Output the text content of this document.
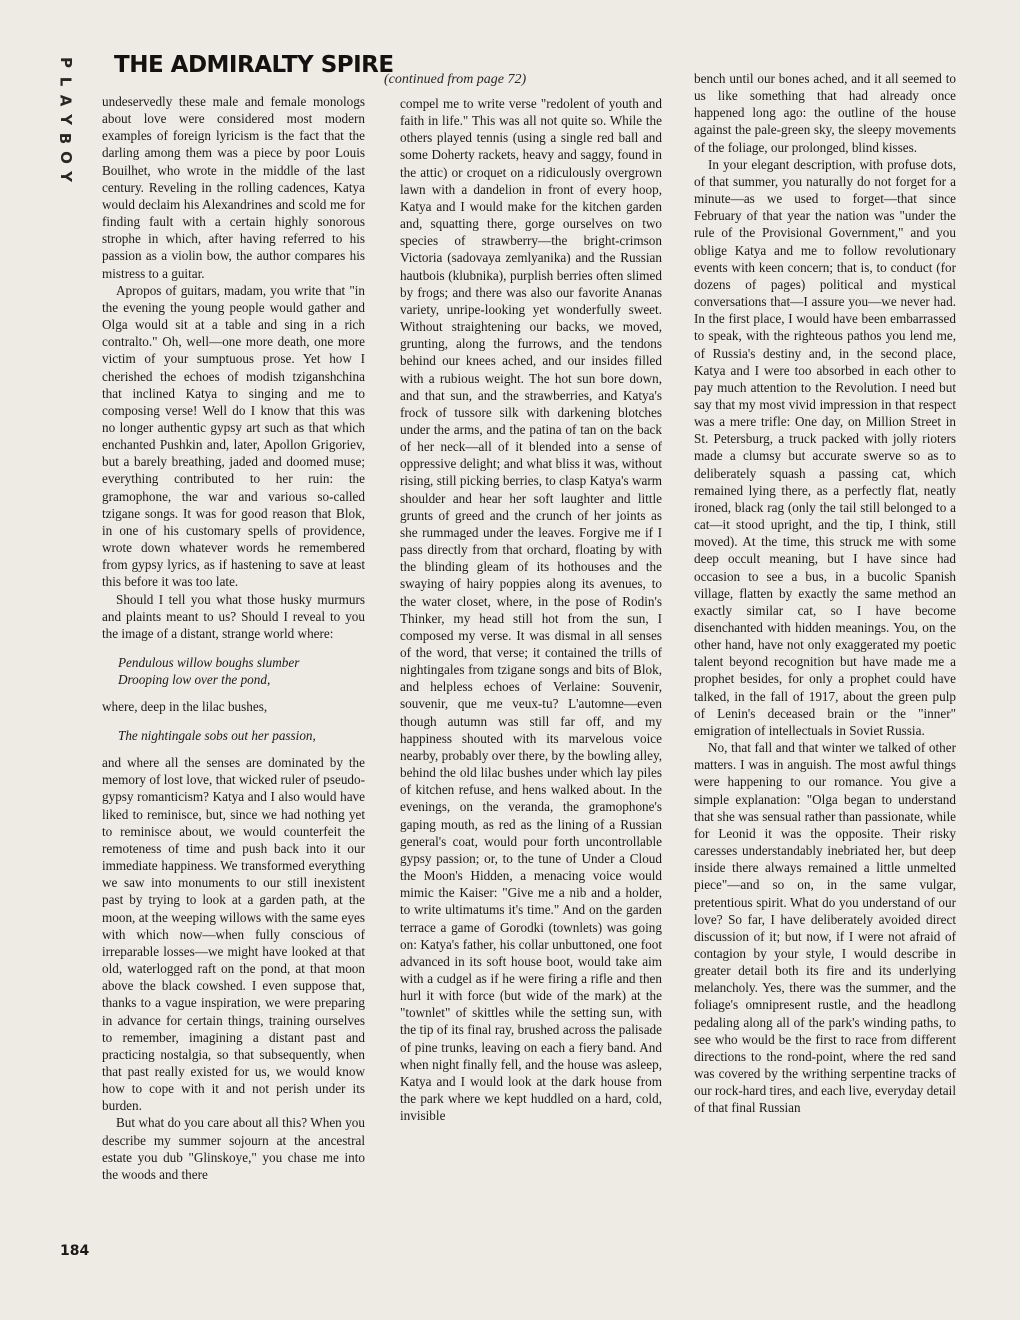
P
L
A
Y
B
O
Y
THE ADMIRALTY SPIRE
(continued from page 72)

undeservedly these male and female monologs about love were considered most modern examples of foreign lyricism is the fact that the darling among them was a piece by poor Louis Bouilhet, who wrote in the middle of the last century. Reveling in the rolling cadences, Katya would declaim his Alexandrines and scold me for finding fault with a certain highly sonorous strophe in which, after having referred to his passion as a violin bow, the author compares his mistress to a guitar.

Apropos of guitars, madam, you write that "in the evening the young people would gather and Olga would sit at a table and sing in a rich contralto." Oh, well—one more death, one more victim of your sumptuous prose. Yet how I cherished the echoes of modish tziganshchina that inclined Katya to singing and me to composing verse! Well do I know that this was no longer authentic gypsy art such as that which enchanted Pushkin and, later, Apollon Grigoriev, but a barely breathing, jaded and doomed muse; everything contributed to her ruin: the gramophone, the war and various so-called tzigane songs. It was for good reason that Blok, in one of his customary spells of providence, wrote down whatever words he remembered from gypsy lyrics, as if hastening to save at least this before it was too late.

Should I tell you what those husky murmurs and plaints meant to us? Should I reveal to you the image of a distant, strange world where:

Pendulous willow boughs slumber
Drooping low over the pond,

where, deep in the lilac bushes,

The nightingale sobs out her passion,

and where all the senses are dominated by the memory of lost love, that wicked ruler of pseudo-gypsy romanticism? Katya and I also would have liked to reminisce, but, since we had nothing yet to reminisce about, we would counterfeit the remoteness of time and push back into it our immediate happiness. We transformed everything we saw into monuments to our still inexistent past by trying to look at a garden path, at the moon, at the weeping willows with the same eyes with which now—when fully conscious of irreparable losses—we might have looked at that old, waterlogged raft on the pond, at that moon above the black cowshed. I even suppose that, thanks to a vague inspiration, we were preparing in advance for certain things, training ourselves to remember, imagining a distant past and practicing nostalgia, so that subsequently, when that past really existed for us, we would know how to cope with it and not perish under its burden.

But what do you care about all this? When you describe my summer sojourn at the ancestral estate you dub "Glinskoye," you chase me into the woods and there

compel me to write verse "redolent of youth and faith in life." This was all not quite so. While the others played tennis (using a single red ball and some Doherty rackets, heavy and saggy, found in the attic) or croquet on a ridiculously overgrown lawn with a dandelion in front of every hoop, Katya and I would make for the kitchen garden and, squatting there, gorge ourselves on two species of strawberry—the bright-crimson Victoria (sadovaya zemlyanika) and the Russian hautbois (klubnika), purplish berries often slimed by frogs; and there was also our favorite Ananas variety, unripe-looking yet wonderfully sweet. Without straightening our backs, we moved, grunting, along the furrows, and the tendons behind our knees ached, and our insides filled with a rubious weight. The hot sun bore down, and that sun, and the strawberries, and Katya's frock of tussore silk with darkening blotches under the arms, and the patina of tan on the back of her neck—all of it blended into a sense of oppressive delight; and what bliss it was, without rising, still picking berries, to clasp Katya's warm shoulder and hear her soft laughter and little grunts of greed and the crunch of her joints as she rummaged under the leaves. Forgive me if I pass directly from that orchard, floating by with the blinding gleam of its hothouses and the swaying of hairy poppies along its avenues, to the water closet, where, in the pose of Rodin's Thinker, my head still hot from the sun, I composed my verse. It was dismal in all senses of the word, that verse; it contained the trills of nightingales from tzigane songs and bits of Blok, and helpless echoes of Verlaine: Souvenir, souvenir, que me veux-tu? L'automne—even though autumn was still far off, and my happiness shouted with its marvelous voice nearby, probably over there, by the bowling alley, behind the old lilac bushes under which lay piles of kitchen refuse, and hens walked about. In the evenings, on the veranda, the gramophone's gaping mouth, as red as the lining of a Russian general's coat, would pour forth uncontrollable gypsy passion; or, to the tune of Under a Cloud the Moon's Hidden, a menacing voice would mimic the Kaiser: "Give me a nib and a holder, to write ultimatums it's time." And on the garden terrace a game of Gorodki (townlets) was going on: Katya's father, his collar unbuttoned, one foot advanced in its soft house boot, would take aim with a cudgel as if he were firing a rifle and then hurl it with force (but wide of the mark) at the "townlet" of skittles while the setting sun, with the tip of its final ray, brushed across the palisade of pine trunks, leaving on each a fiery band. And when night finally fell, and the house was asleep, Katya and I would look at the dark house from the park where we kept huddled on a hard, cold, invisible

bench until our bones ached, and it all seemed to us like something that had already once happened long ago: the outline of the house against the pale-green sky, the sleepy movements of the foliage, our prolonged, blind kisses.

In your elegant description, with profuse dots, of that summer, you naturally do not forget for a minute—as we used to forget—that since February of that year the nation was "under the rule of the Provisional Government," and you oblige Katya and me to follow revolutionary events with keen concern; that is, to conduct (for dozens of pages) political and mystical conversations that—I assure you—we never had. In the first place, I would have been embarrassed to speak, with the righteous pathos you lend me, of Russia's destiny and, in the second place, Katya and I were too absorbed in each other to pay much attention to the Revolution. I need but say that my most vivid impression in that respect was a mere trifle: One day, on Million Street in St. Petersburg, a truck packed with jolly rioters made a clumsy but accurate swerve so as to deliberately squash a passing cat, which remained lying there, as a perfectly flat, neatly ironed, black rag (only the tail still belonged to a cat—it stood upright, and the tip, I think, still moved). At the time, this struck me with some deep occult meaning, but I have since had occasion to see a bus, in a bucolic Spanish village, flatten by exactly the same method an exactly similar cat, so I have become disenchanted with hidden meanings. You, on the other hand, have not only exaggerated my poetic talent beyond recognition but have made me a prophet besides, for only a prophet could have talked, in the fall of 1917, about the green pulp of Lenin's deceased brain or the "inner" emigration of intellectuals in Soviet Russia.

No, that fall and that winter we talked of other matters. I was in anguish. The most awful things were happening to our romance. You give a simple explanation: "Olga began to understand that she was sensual rather than passionate, while for Leonid it was the opposite. Their risky caresses understandably inebriated her, but deep inside there always remained a little unmelted piece"—and so on, in the same vulgar, pretentious spirit. What do you understand of our love? So far, I have deliberately avoided direct discussion of it; but now, if I were not afraid of contagion by your style, I would describe in greater detail both its fire and its underlying melancholy. Yes, there was the summer, and the foliage's omnipresent rustle, and the headlong pedaling along all of the park's winding paths, to see who would be the first to race from different directions to the rond-point, where the red sand was covered by the writhing serpentine tracks of our rock-hard tires, and each live, everyday detail of that final Russian

184
